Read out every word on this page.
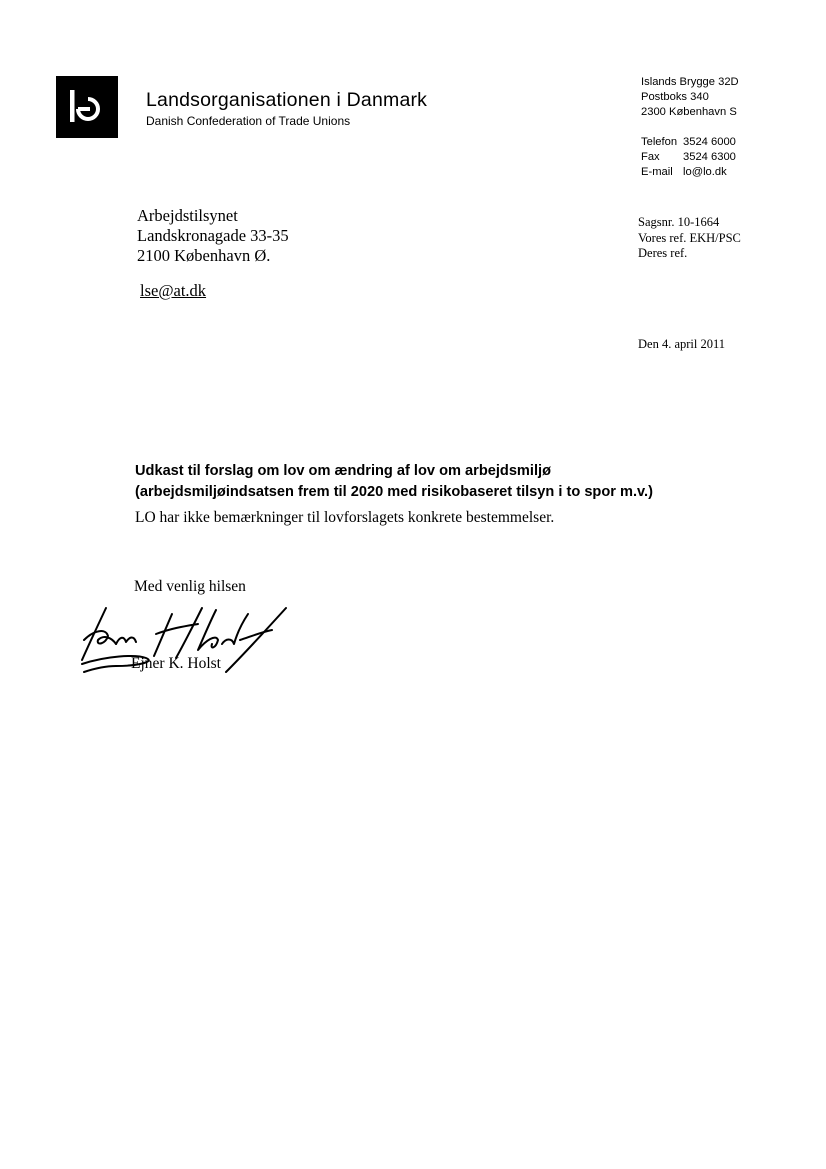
Landsorganisationen i Danmark
Danish Confederation of Trade Unions
Islands Brygge 32D
Postboks 340
2300 København S
Telefon 3524 6000
Fax 3524 6300
E-mail lo@lo.dk
Arbejdstilsynet
Landskronagade 33-35
2100 København Ø.
lse@at.dk
Sagsnr. 10-1664
Vores ref. EKH/PSC
Deres ref.
Den 4. april 2011
Udkast til forslag om lov om ændring af lov om arbejdsmiljø
(arbejdsmiljøindsatsen frem til 2020 med risikobaseret tilsyn i to spor m.v.)
LO har ikke bemærkninger til lovforslagets konkrete bestemmelser.
Med venlig hilsen
Ejner K. Holst
